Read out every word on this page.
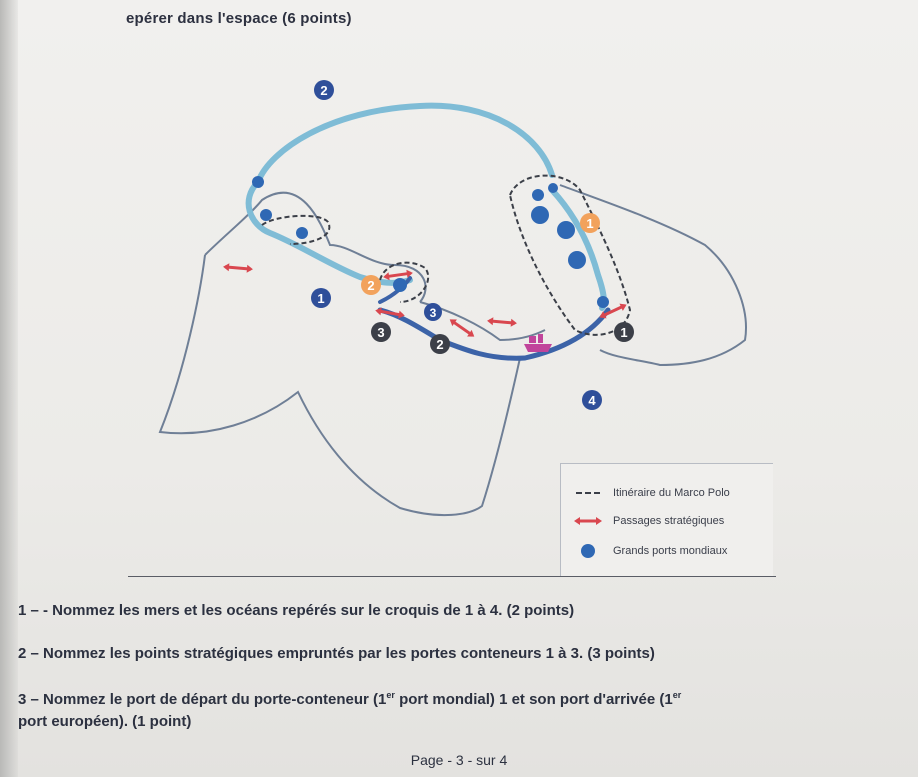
epérer dans l'espace (6 points)
2
1
3
4
3
2
1
2
1
Itinéraire du Marco Polo
Passages stratégiques
Grands ports mondiaux
1 – - Nommez les mers et les océans repérés sur le croquis de 1 à 4. (2 points)
2 – Nommez les points stratégiques empruntés par les portes conteneurs 1 à 3. (3 points)
3 – Nommez le port de départ du porte-conteneur (1er port mondial) 1 et son port d'arrivée (1er
port européen). (1 point)
Page - 3 - sur 4
